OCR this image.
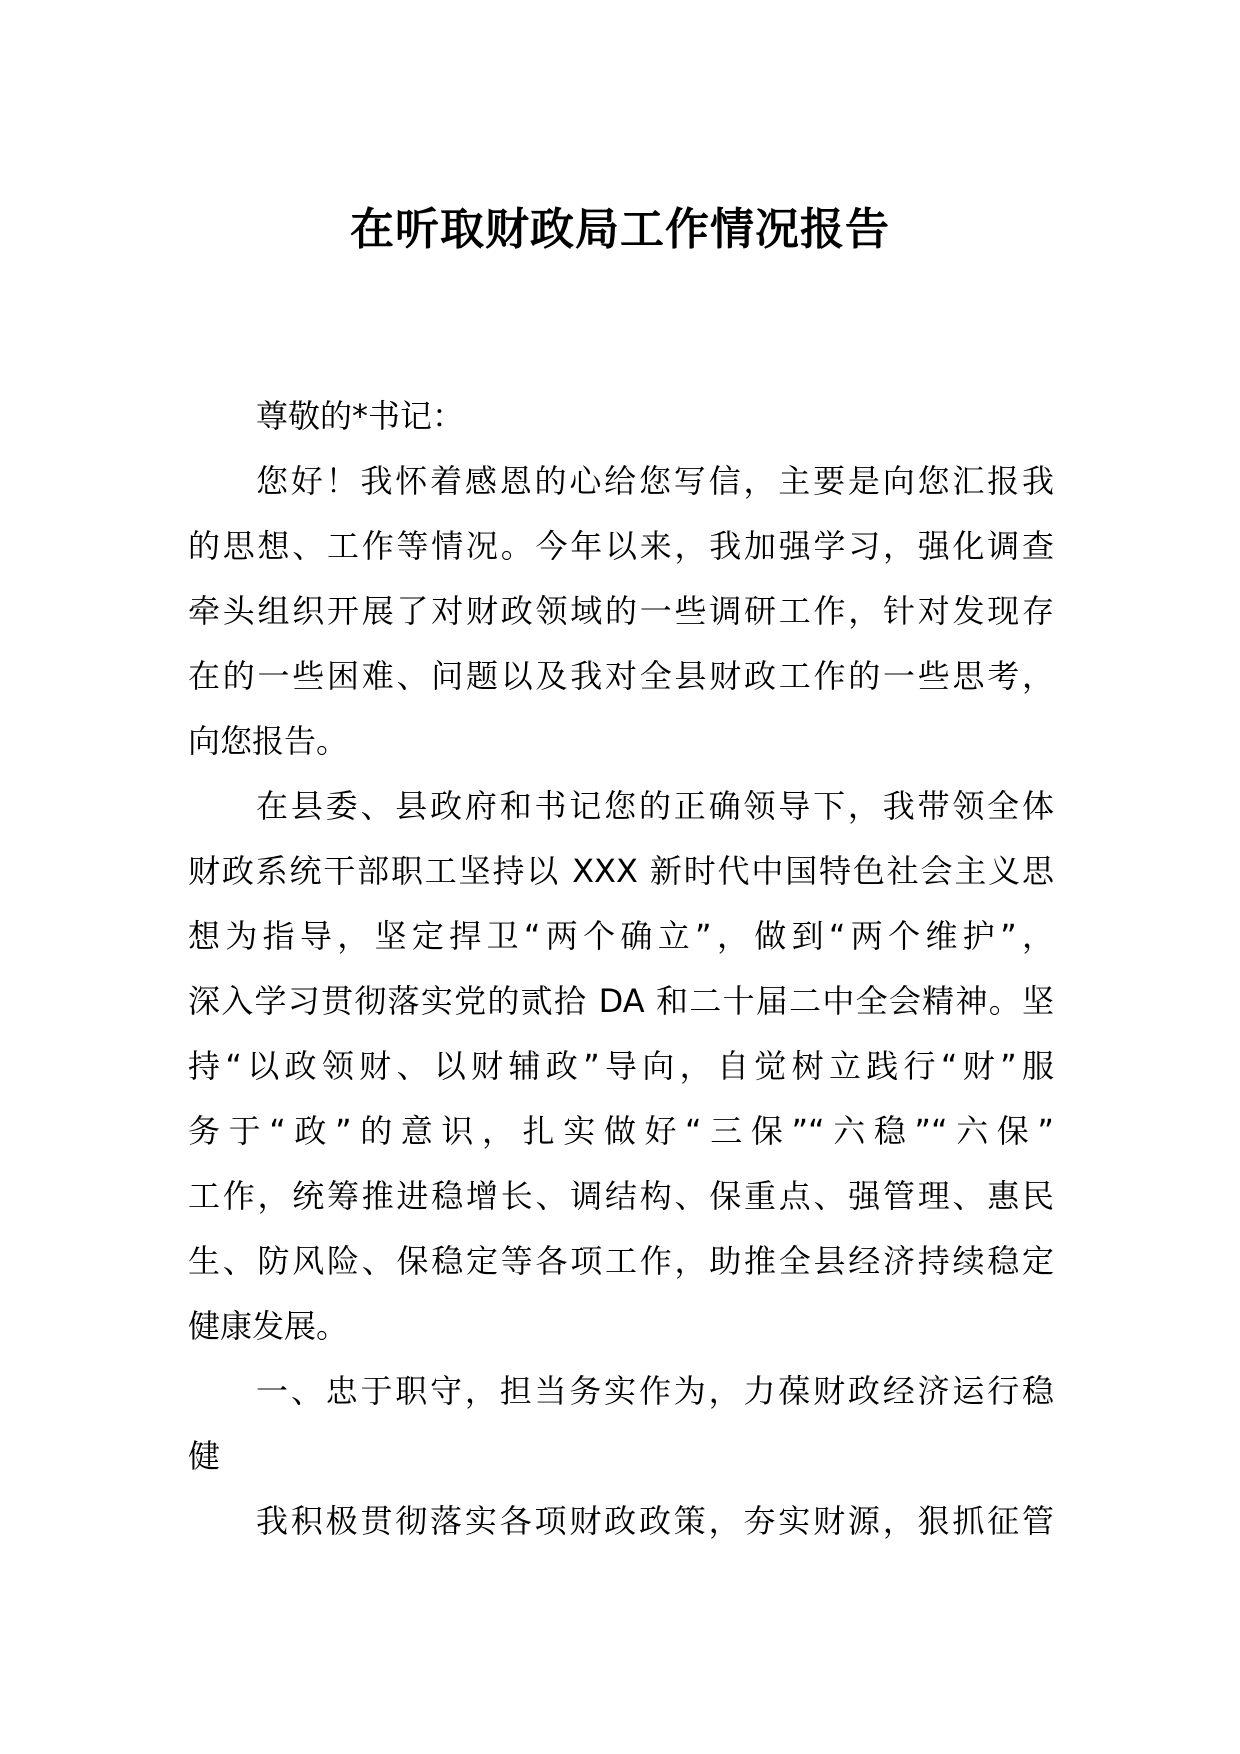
在听取财政局工作情况报告

尊敬的*书记：

您好！我怀着感恩的心给您写信，主要是向您汇报我
的思想、工作等情况。今年以来，我加强学习，强化调查
牵头组织开展了对财政领域的一些调研工作，针对发现存
在的一些困难、问题以及我对全县财政工作的一些思考，
向您报告。

在县委、县政府和书记您的正确领导下，我带领全体
财政系统干部职工坚持以 XXX 新时代中国特色社会主义思
想为指导，坚定捍卫“两个确立”，做到“两个维护”，
深入学习贯彻落实党的贰拾 DA 和二十届二中全会精神。坚
持“以政领财、以财辅政”导向，自觉树立践行“财”服
务于“政”的意识，扎实做好“三保”“六稳”“六保”
工作，统筹推进稳增长、调结构、保重点、强管理、惠民
生、防风险、保稳定等各项工作，助推全县经济持续稳定
健康发展。

一、忠于职守，担当务实作为，力葆财政经济运行稳
健

我积极贯彻落实各项财政政策，夯实财源，狠抓征管
